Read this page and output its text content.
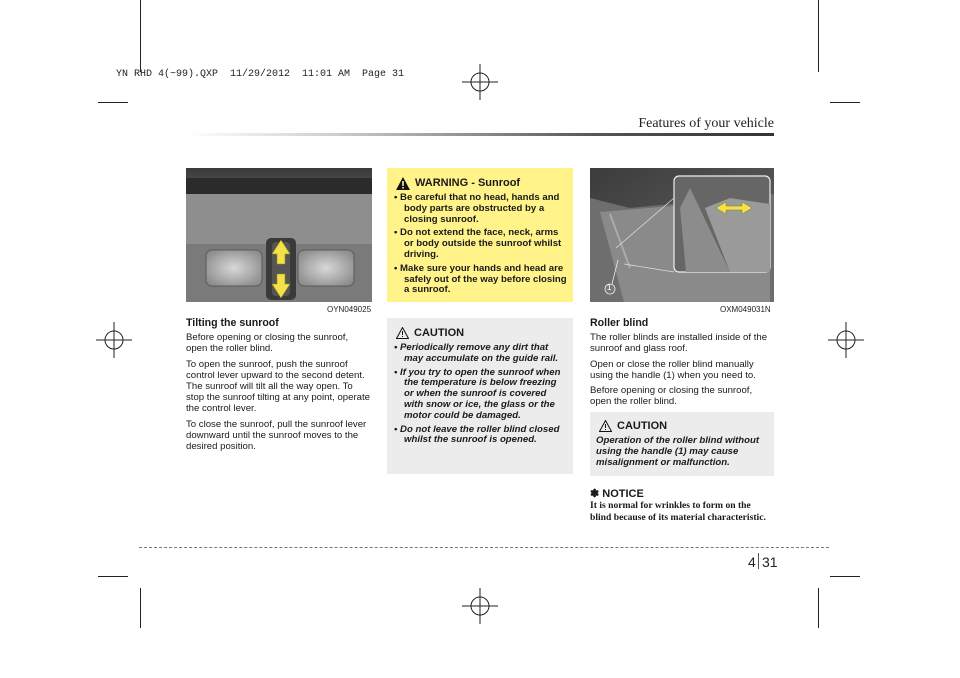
YN RHD 4(~99).QXP  11/29/2012  11:01 AM  Page 31
Features of your vehicle
OYN049025
Tilting the sunroof

Before opening or closing the sunroof, open the roller blind.

To open the sunroof, push the sunroof control lever upward to the second detent. The sunroof will tilt all the way open. To stop the sunroof tilting at any point, operate the control lever.

To close the sunroof, pull the sunroof lever downward until the sunroof moves to the desired position.

WARNING - Sunroof
• Be careful that no head, hands and body parts are obstructed by a closing sunroof.
• Do not extend the face, neck, arms or body outside the sunroof whilst driving.
• Make sure your hands and head are safely out of the way before closing a sunroof.
CAUTION
• Periodically remove any dirt that may accumulate on the guide rail.
• If you try to open the sunroof when the temperature is below freezing or when the sunroof is covered with snow or ice, the glass or the motor could be damaged.
• Do not leave the roller blind closed whilst the sunroof is opened.
1
OXM049031N
Roller blind

The roller blinds are installed inside of the sunroof and glass roof.

Open or close the roller blind manually using the handle (1) when you need to.

Before opening or closing the sunroof, open the roller blind.

CAUTION
Operation of the roller blind without using the handle (1) may cause misalignment or malfunction.
✽ NOTICE
It is normal for wrinkles to form on the blind because of its material characteristic.
4 31
